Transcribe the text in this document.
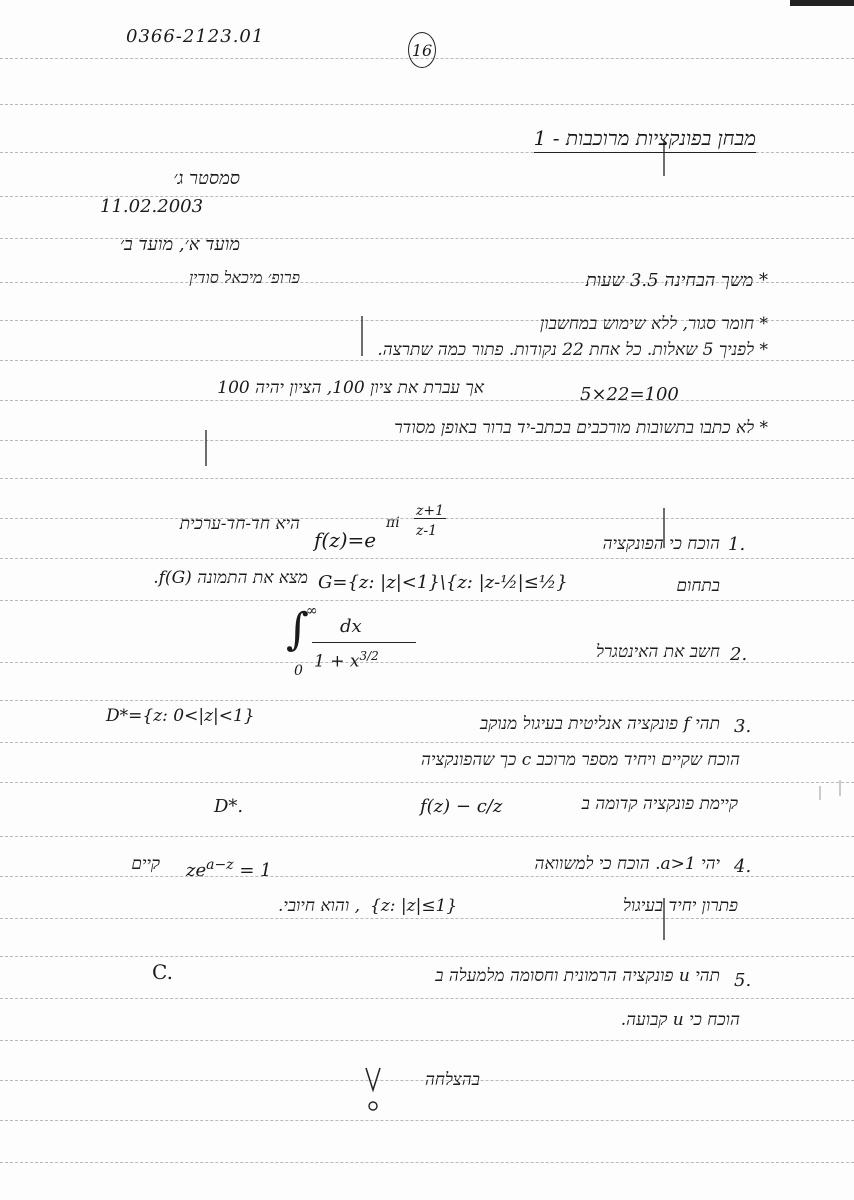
0366-2123.01
16
מבחן בפונקציות מרוכבות - 1
סמסטר ג׳
11.02.2003
מועד א׳, מועד ב׳
פרופ׳ מיכאל סודין	* משך הבחינה 3.5 שעות
* חומר סגור, ללא שימוש במחשבון
* לפניך 5 שאלות. כל אחת 22 נקודות. פתור כמה שתרצה.
אך עברת את ציון 100, הציון יהיה 100	5×22=100
* לא כתבו בתשובות מורכבים בכתב-יד ברור באופן מסודר
1.
הוכח כי הפונקציה
f(z)=e
πi
z+1
z-1
היא חד-חד-ערכית
בתחום
G={z: |z|<1}\{z: |z-½|≤½}
מצא את התמונה f(G).
2.
חשב את האינטגרל
∫
∞
0
dx
$1 + x^{3/2}$
3.
תהי f פונקציה אנליטית בעיגול מנוקב
D*={z: 0<|z|<1}
הוכח שקיים ויחיד מספר מרוכב c כך שהפונקציה
f(z) − c/z	קיימת פונקציה קדומה ב
D*.
4.
יהי a>1. הוכח כי למשוואה
$ze^{a-z} = 1$
קיים
פתרון יחיד בעיגול
{z: |z|≤1}
, והוא חיובי.
5.
תהי u פונקציה הרמונית וחסומה מלמעלה ב
C.
הוכח כי u קבועה.
בהצלחה
